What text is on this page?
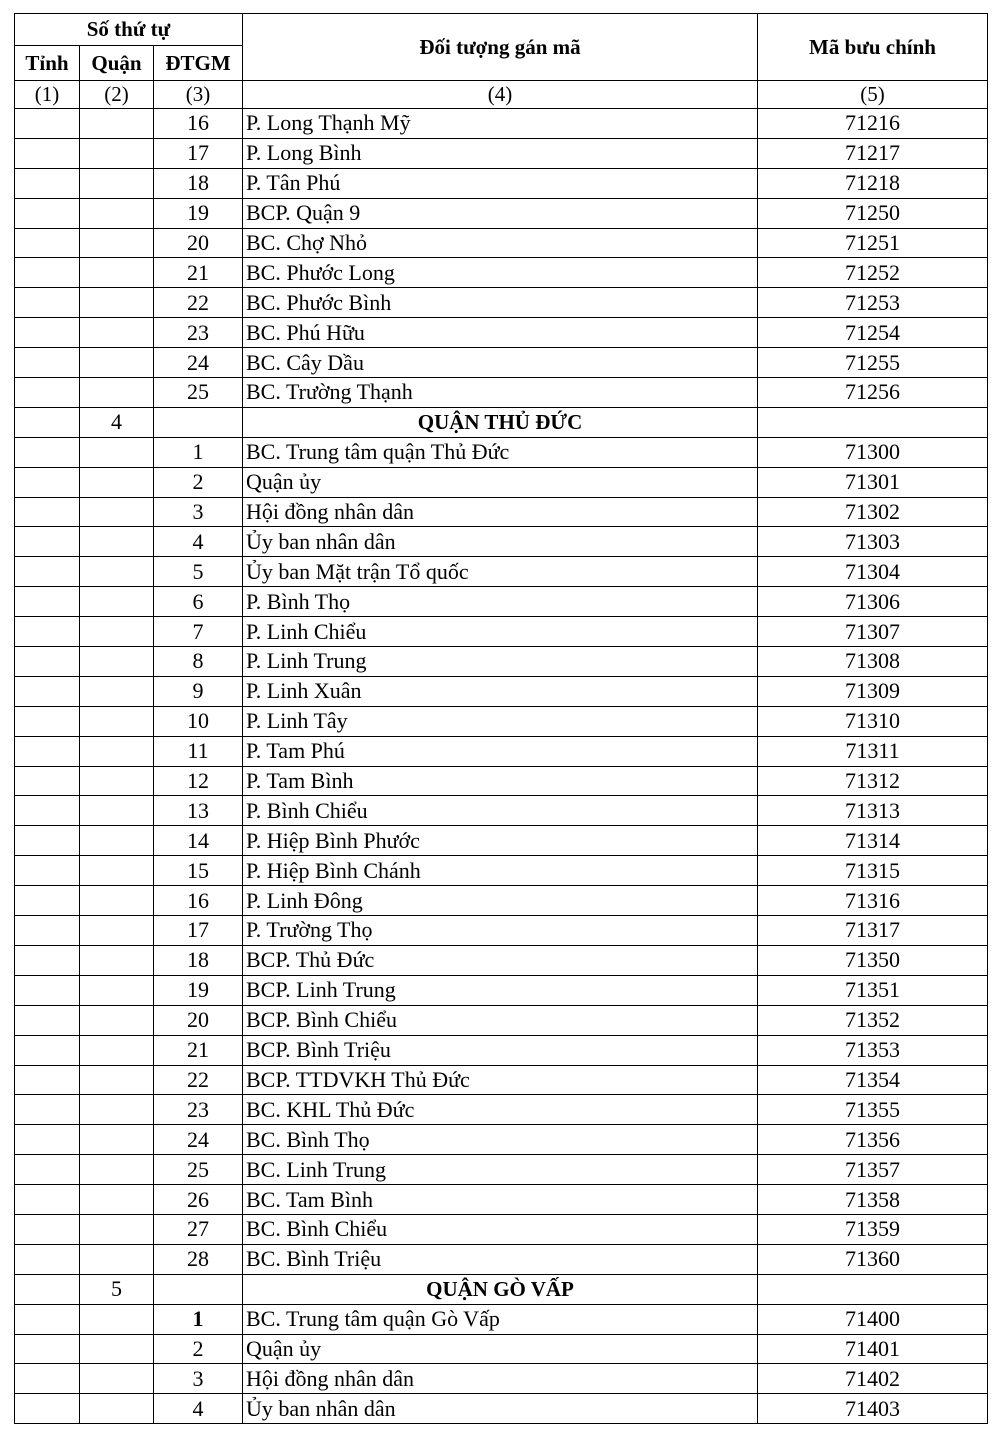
Số thứ tự			Đối tượng gán mã	Mã bưu chính
Tỉnh	Quận	ĐTGM		
(1)	(2)	(3)	(4)	(5)
		16	P. Long Thạnh Mỹ	71216
		17	P. Long Bình	71217
		18	P. Tân Phú	71218
		19	BCP. Quận 9	71250
		20	BC. Chợ Nhỏ	71251
		21	BC. Phước Long	71252
		22	BC. Phước Bình	71253
		23	BC. Phú Hữu	71254
		24	BC. Cây Dầu	71255
		25	BC. Trường Thạnh	71256
	4		QUẬN THỦ ĐỨC	
		1	BC. Trung tâm quận Thủ Đức	71300
		2	Quận ủy	71301
		3	Hội đồng nhân dân	71302
		4	Ủy ban nhân dân	71303
		5	Ủy ban Mặt trận Tổ quốc	71304
		6	P. Bình Thọ	71306
		7	P. Linh Chiểu	71307
		8	P. Linh Trung	71308
		9	P. Linh Xuân	71309
		10	P. Linh Tây	71310
		11	P. Tam Phú	71311
		12	P. Tam Bình	71312
		13	P. Bình Chiểu	71313
		14	P. Hiệp Bình Phước	71314
		15	P. Hiệp Bình Chánh	71315
		16	P. Linh Đông	71316
		17	P. Trường Thọ	71317
		18	BCP. Thủ Đức	71350
		19	BCP. Linh Trung	71351
		20	BCP. Bình Chiểu	71352
		21	BCP. Bình Triệu	71353
		22	BCP. TTDVKH Thủ Đức	71354
		23	BC. KHL Thủ Đức	71355
		24	BC. Bình Thọ	71356
		25	BC. Linh Trung	71357
		26	BC. Tam Bình	71358
		27	BC. Bình Chiểu	71359
		28	BC. Bình Triệu	71360
	5		QUẬN GÒ VẤP	
		1	BC. Trung tâm quận Gò Vấp	71400
		2	Quận ủy	71401
		3	Hội đồng nhân dân	71402
		4	Ủy ban nhân dân	71403
